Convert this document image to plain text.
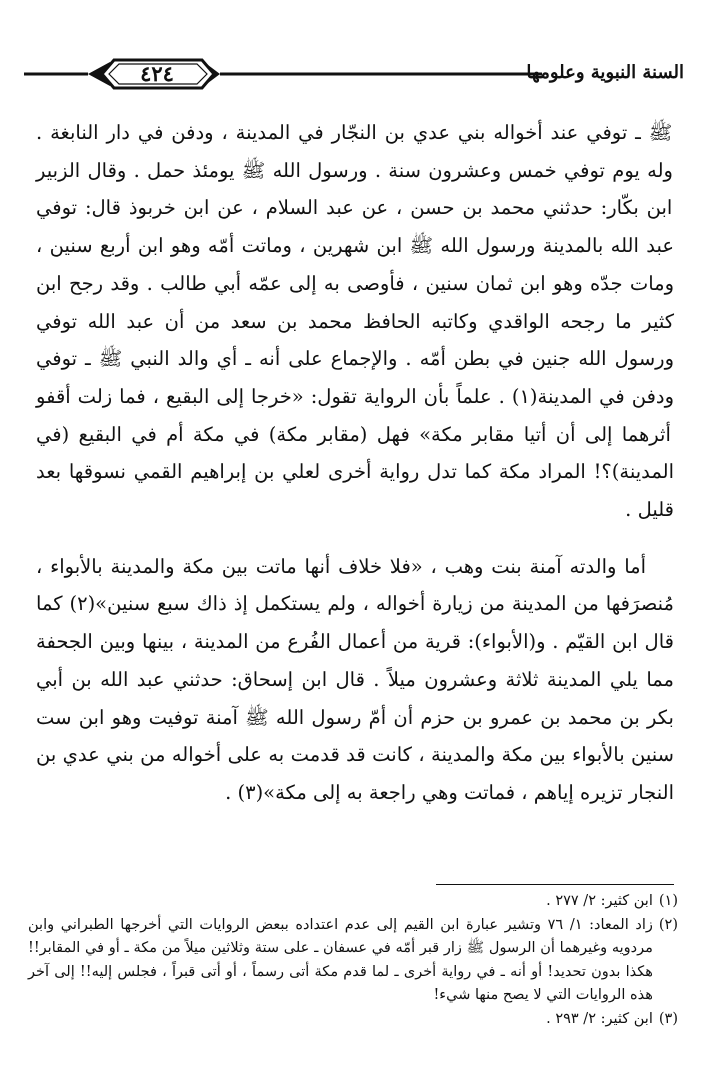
٤٢٤	السنة النبوية وعلومها

ﷺ ـ توفي عند أخواله بني عدي بن النجّار في المدينة ، ودفن في دار النابغة . وله يوم توفي خمس وعشرون سنة . ورسول الله ﷺ يومئذ حمل . وقال الزبير ابن بكّار: حدثني محمد بن حسن ، عن عبد السلام ، عن ابن خربوذ قال: توفي عبد الله بالمدينة ورسول الله ﷺ ابن شهرين ، وماتت أمّه وهو ابن أربع سنين ، ومات جدّه وهو ابن ثمان سنين ، فأوصى به إلى عمّه أبي طالب . وقد رجح ابن كثير ما رجحه الواقدي وكاتبه الحافظ محمد بن سعد من أن عبد الله توفي ورسول الله جنين في بطن أمّه . والإجماع على أنه ـ أي والد النبي ﷺ ـ توفي ودفن في المدينة(١) . علماً بأن الرواية تقول: «خرجا إلى البقيع ، فما زلت أقفو أثرهما إلى أن أتيا مقابر مكة» فهل (مقابر مكة) في مكة أم في البقيع (في المدينة)؟! المراد مكة كما تدل رواية أخرى لعلي بن إبراهيم القمي نسوقها بعد قليل .

أما والدته آمنة بنت وهب ، «فلا خلاف أنها ماتت بين مكة والمدينة بالأبواء ، مُنصرَفها من المدينة من زيارة أخواله ، ولم يستكمل إذ ذاك سبع سنين»(٢) كما قال ابن القيّم . و(الأبواء): قرية من أعمال الفُرع من المدينة ، بينها وبين الجحفة مما يلي المدينة ثلاثة وعشرون ميلاً . قال ابن إسحاق: حدثني عبد الله بن أبي بكر بن محمد بن عمرو بن حزم أن أمّ رسول الله ﷺ آمنة توفيت وهو ابن ست سنين بالأبواء بين مكة والمدينة ، كانت قد قدمت به على أخواله من بني عدي بن النجار تزيره إياهم ، فماتت وهي راجعة به إلى مكة»(٣) .

(١)
ابن كثير: ٢/ ٢٧٧ .
(٢)
زاد المعاد: ١/ ٧٦ وتشير عبارة ابن القيم إلى عدم اعتداده ببعض الروايات التي أخرجها الطبراني وابن مردويه وغيرهما أن الرسول ﷺ زار قبر أمّه في عسفان ـ على ستة وثلاثين ميلاً من مكة ـ أو في المقابر!! هكذا بدون تحديد! أو أنه ـ في رواية أخرى ـ لما قدم مكة أتى رسماً ، أو أتى قبراً ، فجلس إليه!! إلى آخر هذه الروايات التي لا يصح منها شيء!
(٣)
ابن كثير: ٢/ ٢٩٣ .
